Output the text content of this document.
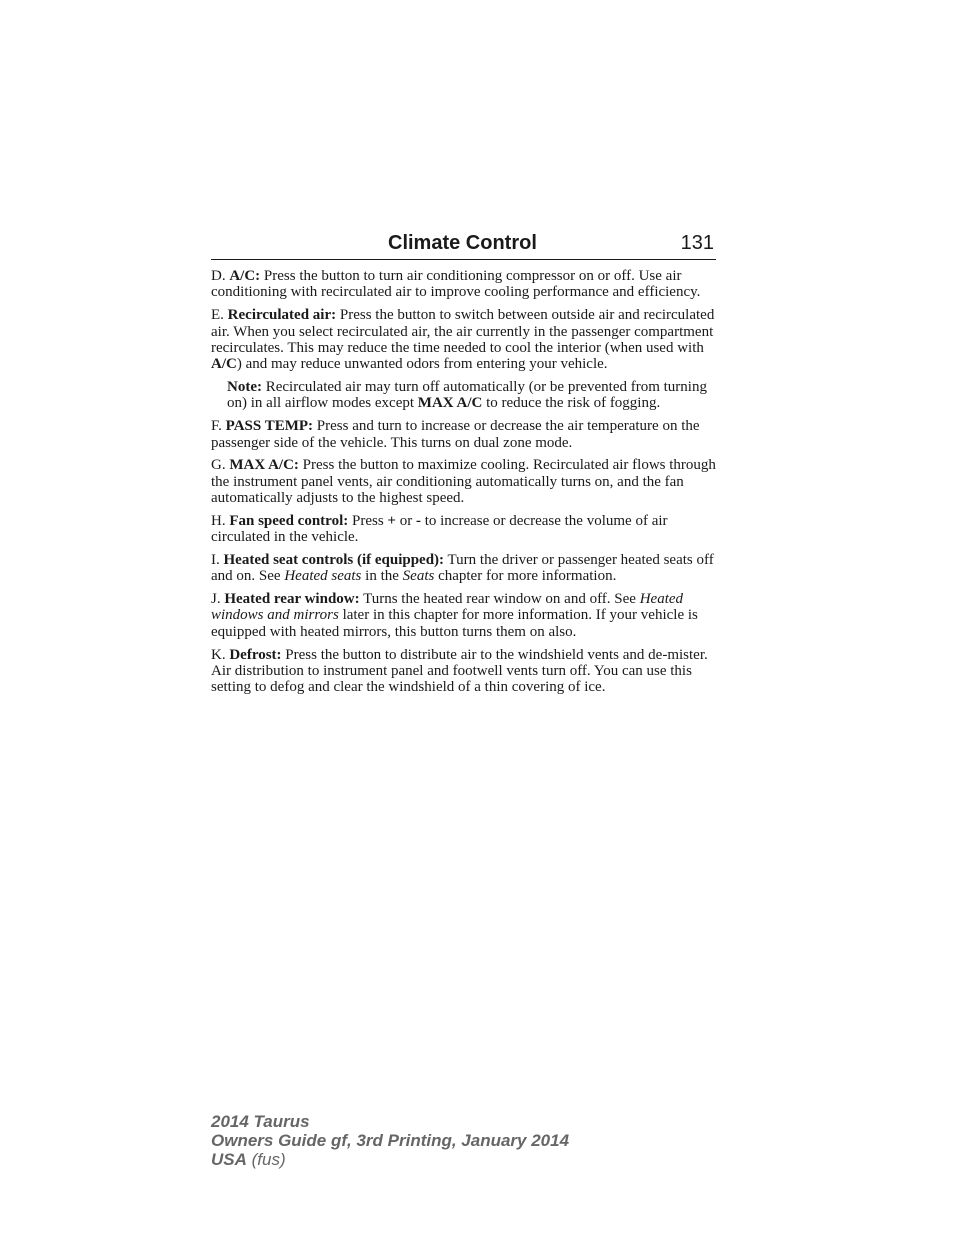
Climate Control	131

D. A/C: Press the button to turn air conditioning compressor on or off. Use air conditioning with recirculated air to improve cooling performance and efficiency.

E. Recirculated air: Press the button to switch between outside air and recirculated air. When you select recirculated air, the air currently in the passenger compartment recirculates. This may reduce the time needed to cool the interior (when used with A/C) and may reduce unwanted odors from entering your vehicle.

Note: Recirculated air may turn off automatically (or be prevented from turning on) in all airflow modes except MAX A/C to reduce the risk of fogging.

F. PASS TEMP: Press and turn to increase or decrease the air temperature on the passenger side of the vehicle. This turns on dual zone mode.

G. MAX A/C: Press the button to maximize cooling. Recirculated air flows through the instrument panel vents, air conditioning automatically turns on, and the fan automatically adjusts to the highest speed.

H. Fan speed control: Press + or - to increase or decrease the volume of air circulated in the vehicle.

I. Heated seat controls (if equipped): Turn the driver or passenger heated seats off and on. See Heated seats in the Seats chapter for more information.

J. Heated rear window: Turns the heated rear window on and off. See Heated windows and mirrors later in this chapter for more information. If your vehicle is equipped with heated mirrors, this button turns them on also.

K. Defrost: Press the button to distribute air to the windshield vents and de-mister. Air distribution to instrument panel and footwell vents turn off. You can use this setting to defog and clear the windshield of a thin covering of ice.

2014 Taurus
Owners Guide gf, 3rd Printing, January 2014
USA (fus)
